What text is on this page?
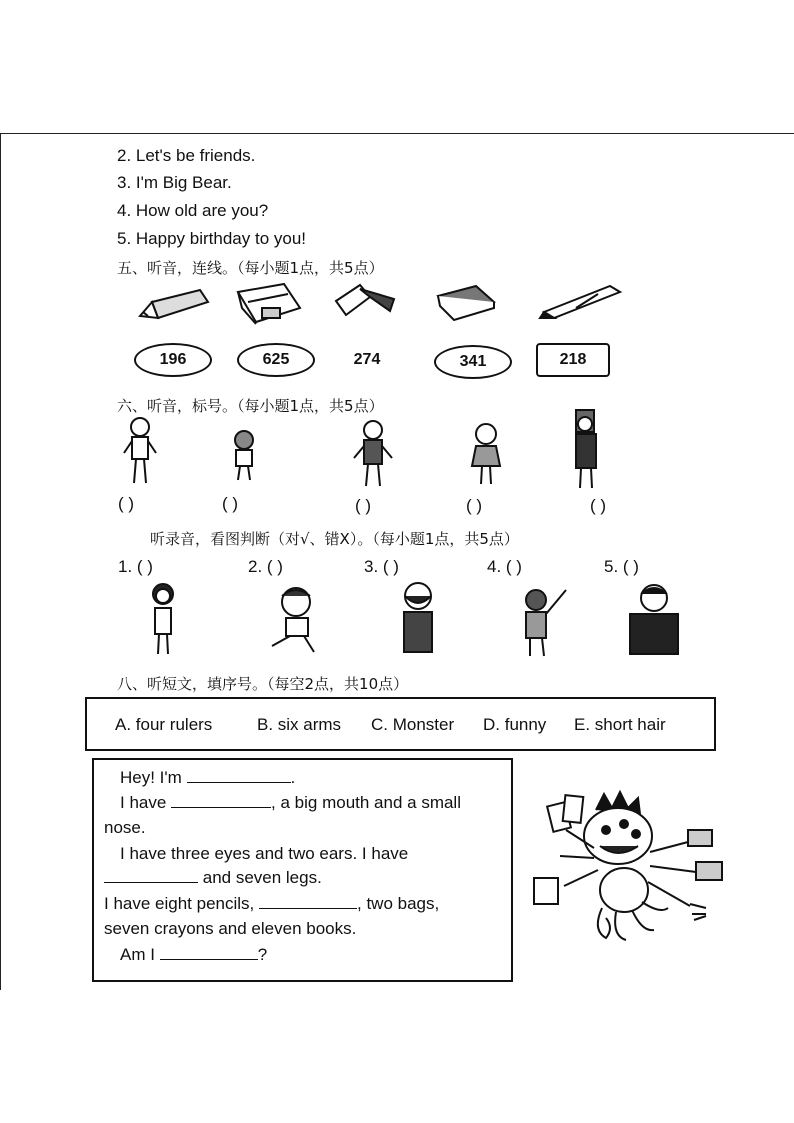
2. Let's be friends.
3. I'm Big Bear.
4. How old are you?
5. Happy birthday to you!
五、听音，连线。（每小题1点，共5点）
196	625	274	341	218
六、听音，标号。（每小题1点，共5点）
( )	( )	( )	( )	( )
听录音，看图判断（对√、错X）。（每小题1点，共5点）
1. ( )	2. ( )	3. ( )	4. ( )	5. ( )
八、听短文，填序号。（每空2点，共10点）
A. four rulers	B. six arms C. Monster D. funny E. short hair
Hey! I'm	.
I have	, a big mouth and a small
nose.
I have three eyes and two ears. I have
and seven legs.
I have eight pencils,	, two bags,
seven crayons and eleven books.
Am I	?
